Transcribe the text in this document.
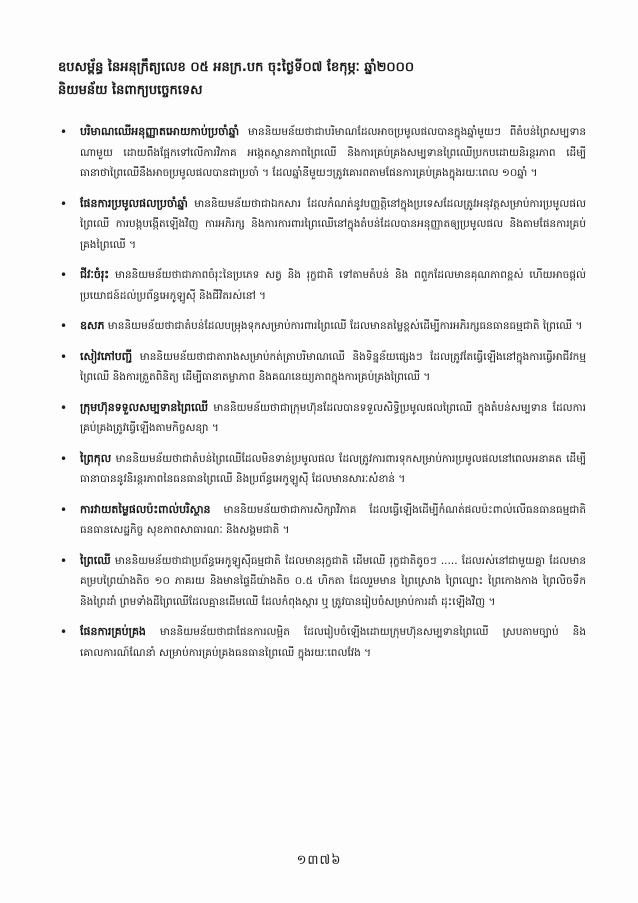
ឧបសម្ព័ន្ធ នៃអនុក្រឹត្យលេខ ០៥ អនក្រ.បក ចុះថ្ងៃទី០៧ ខែកុម្ភៈ ឆ្នាំ២០០០
និយមន័យ នៃពាក្យបច្ចេកទេស
• បរិមាណឈើអនុញ្ញាតអោយកាប់ប្រចាំឆ្នាំ មាននិយមន័យថាជាបរិមាណដែលអាចប្រមូលផលបានក្នុងឆ្នាំមួយៗ ពីតំបន់ព្រៃសម្បទានណាមួយ ដោយពឹងផ្អែកទៅលើការវិភាគ អង្កេតស្ថានភាពព្រៃឈើ និងការគ្រប់គ្រងសម្បទានព្រៃឈើប្រកបដោយនិរន្តរភាព ដើម្បីធានាថាព្រៃឈើនឹងអាចប្រមូលផលបានជាប្រចាំ ។ ដែលឆ្នាំនីមួយៗត្រូវគោរពតាមផែនការគ្រប់គ្រងក្នុងរយៈពេល ១០ឆ្នាំ ។
• ផែនការប្រមូលផលប្រចាំឆ្នាំ មាននិយមន័យថាជាឯកសារ ដែលកំណត់នូវបញ្ញត្តិនៅក្នុងប្រទេសដែលត្រូវអនុវត្តសម្រាប់ការប្រមូលផលព្រៃឈើ ការបង្កបង្កើតឡើងវិញ ការអភិរក្ស និងការការពារព្រៃឈើនៅក្នុងតំបន់ដែលបានអនុញ្ញាតឲ្យប្រមូលផល និងតាមផែនការគ្រប់គ្រងព្រៃឈើ ។
• ជីវៈចំរុះ មាននិយមន័យថាជាភាពចំរុះនៃប្រភេទ សត្វ និង រុក្ខជាតិ ទៅតាមតំបន់ និង ពពួកដែលមានគុណភាពខ្ពស់ ហើយអាចផ្តល់ប្រយោជន៍ដល់ប្រព័ន្ធអេកូឡូស៊ី និងជីវិតរស់នៅ ។
• ឧសភ មាននិយមន័យថាជាតំបន់ដែលបម្រុងទុកសម្រាប់ការពារព្រៃឈើ ដែលមានតម្លៃខ្ពស់ដើម្បីការអភិរក្សធនធានធម្មជាតិ ព្រៃឈើ ។
• សៀវភៅបញ្ជី មាននិយមន័យថាជាតារាងសម្រាប់កត់ត្រាបរិមាណឈើ និងទិន្នន័យផ្សេងៗ ដែលត្រូវតែធ្វើឡើងនៅក្នុងការធ្វើអាជីវកម្មព្រៃឈើ និងការត្រួតពិនិត្យ ដើម្បីធានាតម្លាភាព និងគណនេយ្យភាពក្នុងការគ្រប់គ្រងព្រៃឈើ ។
• ក្រុមហ៊ុនទទួលសម្បទានព្រៃឈើ មាននិយមន័យថាជាក្រុមហ៊ុនដែលបានទទួលសិទ្ធិប្រមូលផលព្រៃឈើ ក្នុងតំបន់សម្បទាន ដែលការគ្រប់គ្រងត្រូវធ្វើឡើងតាមកិច្ចសន្យា ។
• ព្រៃកុល មាននិយមន័យថាជាតំបន់ព្រៃឈើដែលមិនទាន់ប្រមូលផល ដែលត្រូវការពារទុកសម្រាប់ការប្រមូលផលនៅពេលអនាគត ដើម្បីធានាបាននូវនិរន្តរភាពនៃធនធានព្រៃឈើ និងប្រព័ន្ធអេកូឡូស៊ី ដែលមានសារៈសំខាន់ ។
• ការវាយតម្លៃផលប៉ះពាល់បរិស្ថាន មាននិយមន័យថាជាការសិក្សាវិភាគ ដែលធ្វើឡើងដើម្បីកំណត់ផលប៉ះពាល់លើធនធានធម្មជាតិ ធនធានសេដ្ឋកិច្ច សុខភាពសាធារណៈ និងសង្គមជាតិ ។
• ព្រៃឈើ មាននិយមន័យថាជាប្រព័ន្ធអេកូឡូស៊ីធម្មជាតិ ដែលមានរុក្ខជាតិ ដើមឈើ រុក្ខជាតិតូចៗ ..... ដែលរស់នៅជាមួយគ្នា ដែលមានគម្របព្រៃយ៉ាងតិច ១០ ភាគរយ និងមានផ្ទៃដីយ៉ាងតិច ០.៥ ហិកតា ដែលរួមមាន ព្រៃស្រោង ព្រៃល្បោះ ព្រៃកោងកាង ព្រៃលិចទឹក និងព្រៃដាំ ព្រមទាំងដីព្រៃឈើដែលគ្មានដើមឈើ ដែលកំពុងស្តារ ឬ ត្រូវបានរៀបចំសម្រាប់ការដាំ ដុះឡើងវិញ ។
• ផែនការគ្រប់គ្រង មាននិយមន័យថាជាផែនការលម្អិត ដែលរៀបចំឡើងដោយក្រុមហ៊ុនសម្បទានព្រៃឈើ ស្របតាមច្បាប់ និងគោលការណ៍ណែនាំ សម្រាប់ការគ្រប់គ្រងធនធានព្រៃឈើ ក្នុងរយៈពេលវែង ។
១៣៧៦
